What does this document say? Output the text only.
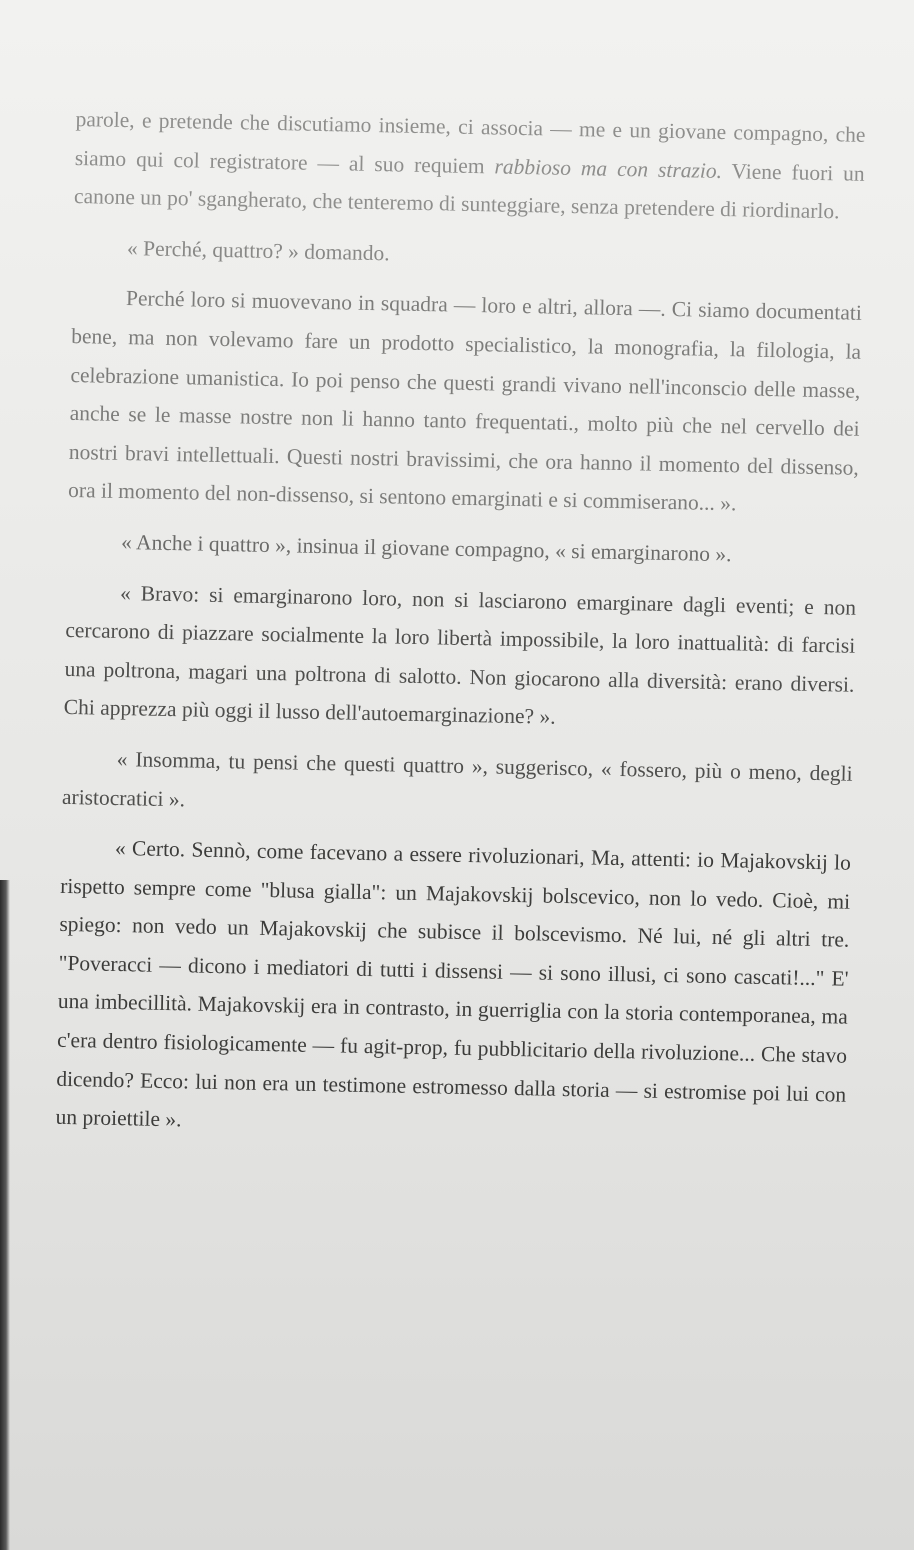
parole, e pretende che discutiamo insieme, ci associa — me e un giovane compagno, che siamo qui col registratore — al suo requiem rabbioso ma con strazio. Viene fuori un canone un po' sgangherato, che tenteremo di sunteggiare, senza pretendere di riordinarlo.

« Perché, quattro? » domando.

Perché loro si muovevano in squadra — loro e altri, allora —. Ci siamo documentati bene, ma non volevamo fare un prodotto specialistico, la monografia, la filologia, la celebrazione umanistica. Io poi penso che questi grandi vivano nell'inconscio delle masse, anche se le masse nostre non li hanno tanto frequentati., molto più che nel cervello dei nostri bravi intellettuali. Questi nostri bravissimi, che ora hanno il momento del dissenso, ora il momento del non-dissenso, si sentono emarginati e si commiserano... ».

« Anche i quattro », insinua il giovane compagno, « si emarginarono ».

« Bravo: si emarginarono loro, non si lasciarono emarginare dagli eventi; e non cercarono di piazzare socialmente la loro libertà impossibile, la loro inattualità: di farcisi una poltrona, magari una poltrona di salotto. Non giocarono alla diversità: erano diversi. Chi apprezza più oggi il lusso dell'autoemarginazione? ».

« Insomma, tu pensi che questi quattro », suggerisco, « fossero, più o meno, degli aristocratici ».

« Certo. Sennò, come facevano a essere rivoluzionari, Ma, attenti: io Majakovskij lo rispetto sempre come "blusa gialla": un Majakovskij bolscevico, non lo vedo. Cioè, mi spiego: non vedo un Majakovskij che subisce il bolscevismo. Né lui, né gli altri tre. "Poveracci — dicono i mediatori di tutti i dissensi — si sono illusi, ci sono cascati!..." E' una imbecillità. Majakovskij era in contrasto, in guerriglia con la storia contemporanea, ma c'era dentro fisiologicamente — fu agit-prop, fu pubblicitario della rivoluzione... Che stavo dicendo? Ecco: lui non era un testimone estromesso dalla storia — si estromise poi lui con un proiettile ».
